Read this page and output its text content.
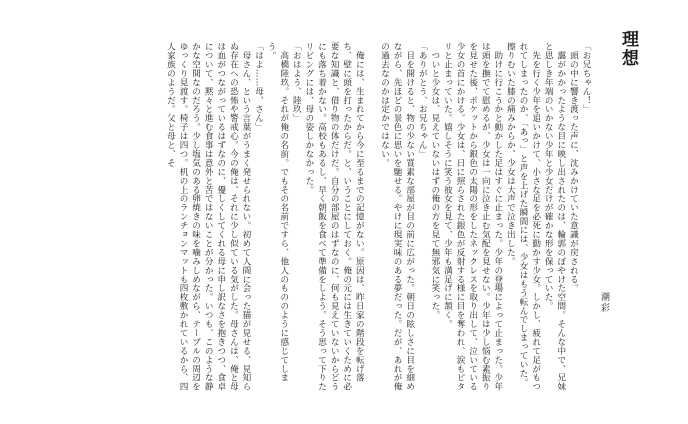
理想
潮彩

「お兄ちゃん！」

　頭の中に響き渡った声に、沈みかけていた意識が戻される。

　靄がかかったような目に映し出されたのは、輪郭のぼやけた空間。そんな中で、兄妹と思しき年端のいかない少年と少女だけが確かな形を保っていた。

　先を行く少年を追いかけて、小さな足を必死に動かす少女。しかし、疲れて足がもつれてしまったのか、「あっ」と声を上げた瞬間には、少女はもう転んでしまっていた。擦りむいた膝の痛みからか、少女は大声で泣き出した。

　助けに行こうかと動かした足はすぐに止まった。少年の登場によって止まった。少年は頭を撫でて慰めるが、少女は一向に泣き止む気配を見せない。少年は少し悩む素振りを見せた後、ポケットから銀色の太陽の形をしたネックレスを取り出して、泣いている少女の首にかける。少女は、日に照らされた銀色が反射する様に目を奪われ、涙もピタリと止まっていた。嬉しそうに笑う彼女を見て、少年も満足げに頷く。

　ついと少女は、見えていないはずの俺の方を見て無邪気に笑った。

「ありがとう、お兄ちゃん」

　目を開けると、物の少ない質素な部屋が目の前に広がった。朝日の眩しさに目を細めながら、先ほどの景色に思いを馳せる。やけに現実味のある夢だった。だが、あれが俺の過去なのかは定かではない。

　俺には、生まれてから今に至るまでの記憶がない。原因は、昨日家の階段を転げ落ち、壁に頭を打ったからだ。と、いうことにしておく。俺の元には生きていくために必要な知識と、借り物の体だけだ。自分の部屋のはずなのに、何も見えていないからどうにも落ち着かない。高校もあるし、早く朝飯を食べて準備をしよう。そう思って下りたリビングには、母の姿しかなかった。

「おはよう、陸玖」

　高橋陸玖。それが俺の名前。でもその名前ですら、他人のもののように感じてしまう。

「はよ……母、さん」

　母さん、という言葉がうまく発せられない。初めて人間に会った猫が見せる、見知らぬ存在への恐怖や警戒心。今の俺は、それに少し似ている気がした。母さんは、俺と母は血がつながっているはずなのに、優しくしてくれる母に申し訳なさを抱きつつ、食卓について、黙々と進む食事は意外と苦ではないことが分かった。いつも、このような静かな空間なのだろう。少し塩気のある卵焼きの味を噛みしめながら、テーブルの周辺をゆっくり見渡す。椅子は四つ。机の上のランチョンマットも四枚敷かれているから、四人家族のようだ。父と母と、そ
